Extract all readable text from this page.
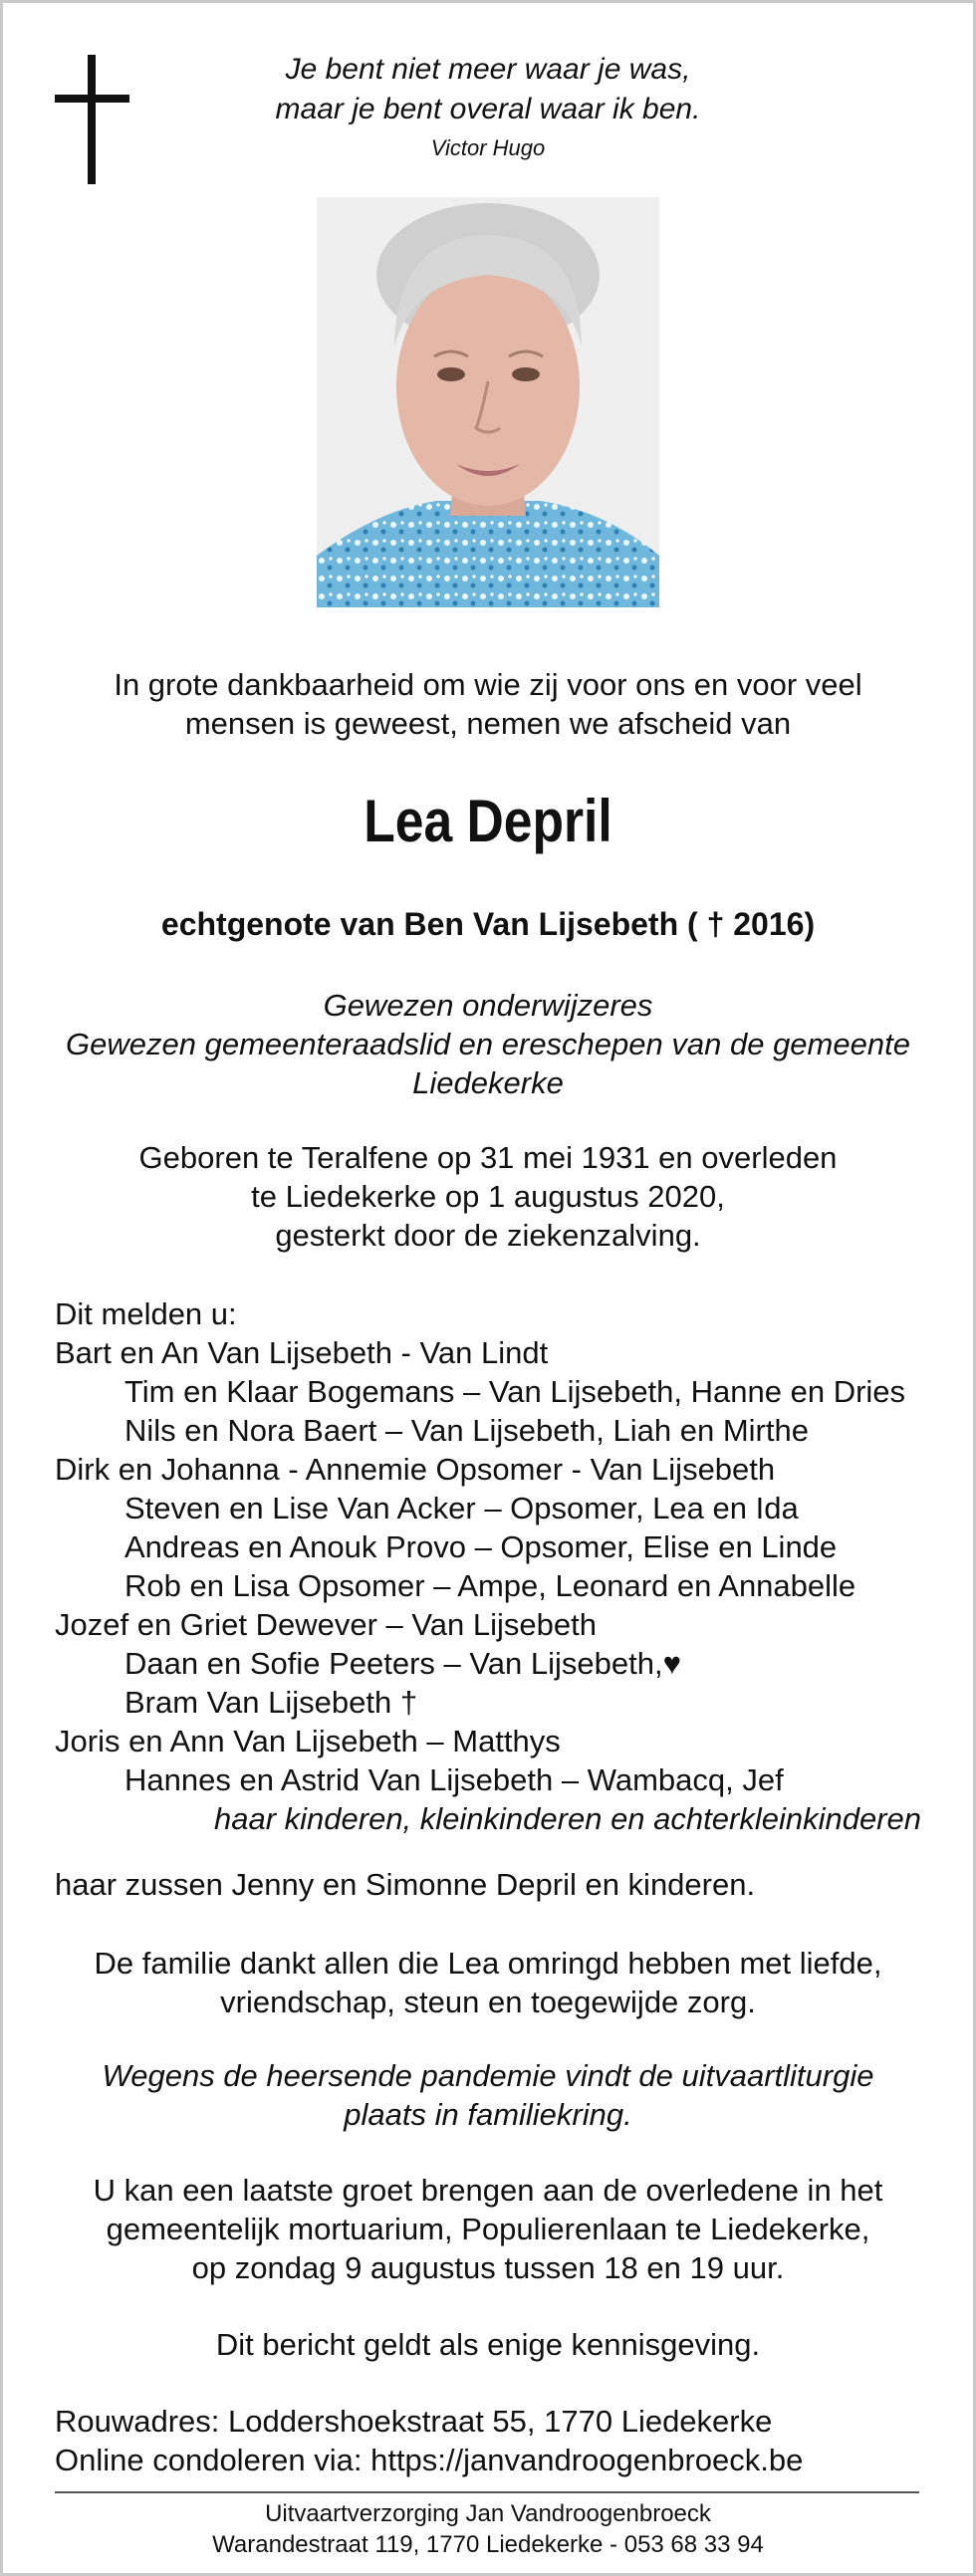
Je bent niet meer waar je was,
maar je bent overal waar ik ben.
Victor Hugo
In grote dankbaarheid om wie zij voor ons en voor veel
mensen is geweest, nemen we afscheid van
Lea Depril
echtgenote van Ben Van Lijsebeth ( † 2016)
Gewezen onderwijzeres
Gewezen gemeenteraadslid en ereschepen van de gemeente
Liedekerke
Geboren te Teralfene op 31 mei 1931 en overleden
te Liedekerke op 1 augustus 2020,
gesterkt door de ziekenzalving.
Dit melden u:
Bart en An Van Lijsebeth - Van Lindt
Tim en Klaar Bogemans – Van Lijsebeth, Hanne en Dries
Nils en Nora Baert – Van Lijsebeth, Liah en Mirthe
Dirk en Johanna - Annemie Opsomer - Van Lijsebeth
Steven en Lise Van Acker – Opsomer, Lea en Ida
Andreas en Anouk Provo – Opsomer, Elise en Linde
Rob en Lisa Opsomer – Ampe, Leonard en Annabelle
Jozef en Griet Dewever – Van Lijsebeth
Daan en Sofie Peeters – Van Lijsebeth,♥
Bram Van Lijsebeth †
Joris en Ann Van Lijsebeth – Matthys
Hannes en Astrid Van Lijsebeth – Wambacq, Jef
haar kinderen, kleinkinderen en achterkleinkinderen
haar zussen Jenny en Simonne Depril en kinderen.
De familie dankt allen die Lea omringd hebben met liefde,
vriendschap, steun en toegewijde zorg.
Wegens de heersende pandemie vindt de uitvaartliturgie
plaats in familiekring.
U kan een laatste groet brengen aan de overledene in het
gemeentelijk mortuarium, Populierenlaan te Liedekerke,
op zondag 9 augustus tussen 18 en 19 uur.
Dit bericht geldt als enige kennisgeving.
Rouwadres: Loddershoekstraat 55, 1770 Liedekerke
Online condoleren via: https://janvandroogenbroeck.be
Uitvaartverzorging Jan Vandroogenbroeck
Warandestraat 119, 1770 Liedekerke - 053 68 33 94
